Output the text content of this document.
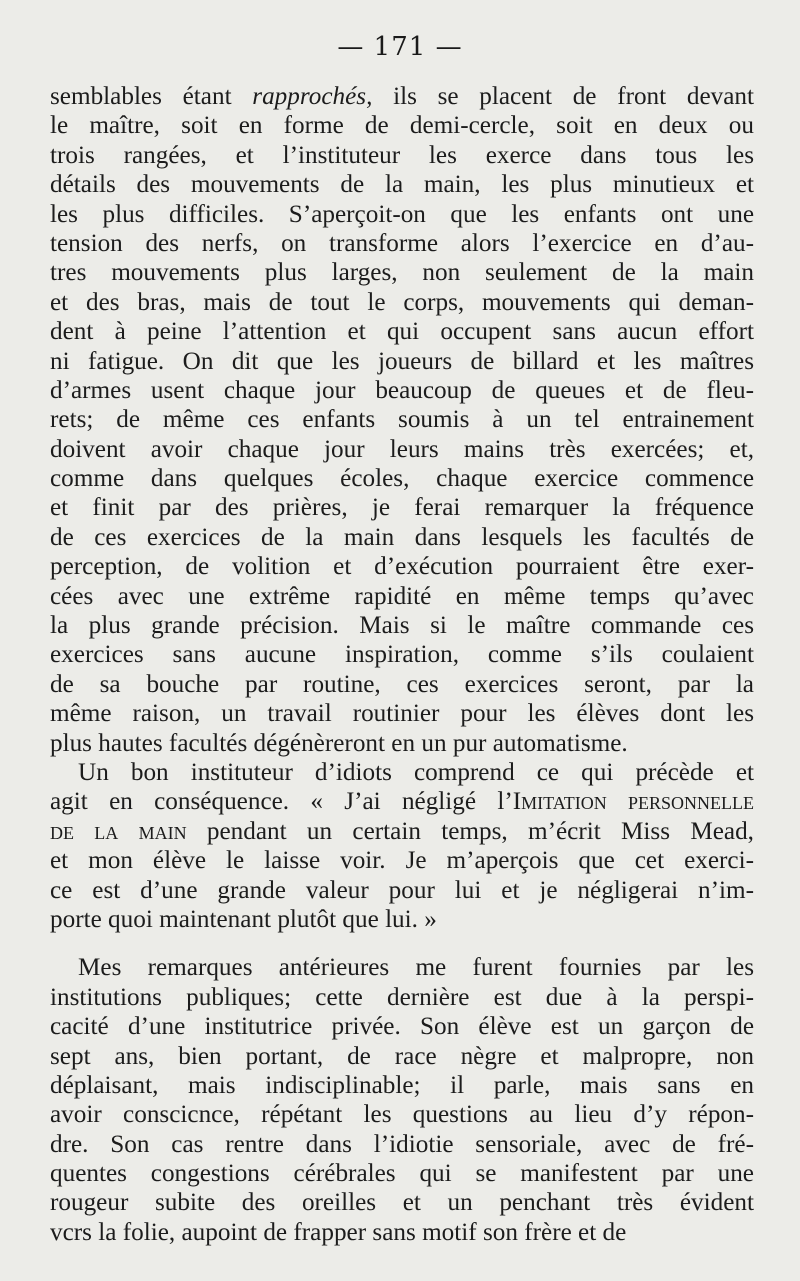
— 171 —

semblables étant rapprochés, ils se placent de front devant
le maître, soit en forme de demi-cercle, soit en deux ou
trois rangées, et l’instituteur les exerce dans tous les
détails des mouvements de la main, les plus minutieux et
les plus difficiles. S’aperçoit-on que les enfants ont une
tension des nerfs, on transforme alors l’exercice en d’au-
tres mouvements plus larges, non seulement de la main
et des bras, mais de tout le corps, mouvements qui deman-
dent à peine l’attention et qui occupent sans aucun effort
ni fatigue. On dit que les joueurs de billard et les maîtres
d’armes usent chaque jour beaucoup de queues et de fleu-
rets; de même ces enfants soumis à un tel entrainement
doivent avoir chaque jour leurs mains très exercées; et,
comme dans quelques écoles, chaque exercice commence
et finit par des prières, je ferai remarquer la fréquence
de ces exercices de la main dans lesquels les facultés de
perception, de volition et d’exécution pourraient être exer-
cées avec une extrême rapidité en même temps qu’avec
la plus grande précision. Mais si le maître commande ces
exercices sans aucune inspiration, comme s’ils coulaient
de sa bouche par routine, ces exercices seront, par la
même raison, un travail routinier pour les élèves dont les
plus hautes facultés dégénèreront en un pur automatisme.

Un bon instituteur d’idiots comprend ce qui précède et
agit en conséquence. « J’ai négligé l’Imitation personnelle
de la main pendant un certain temps, m’écrit Miss Mead,
et mon élève le laisse voir. Je m’aperçois que cet exerci-
ce est d’une grande valeur pour lui et je négligerai n’im-
porte quoi maintenant plutôt que lui. »

Mes remarques antérieures me furent fournies par les
institutions publiques; cette dernière est due à la perspi-
cacité d’une institutrice privée. Son élève est un garçon de
sept ans, bien portant, de race nègre et malpropre, non
déplaisant, mais indisciplinable; il parle, mais sans en
avoir conscicnce, répétant les questions au lieu d’y répon-
dre. Son cas rentre dans l’idiotie sensoriale, avec de fré-
quentes congestions cérébrales qui se manifestent par une
rougeur subite des oreilles et un penchant très évident
vcrs la folie, aupoint de frapper sans motif son frère et de
